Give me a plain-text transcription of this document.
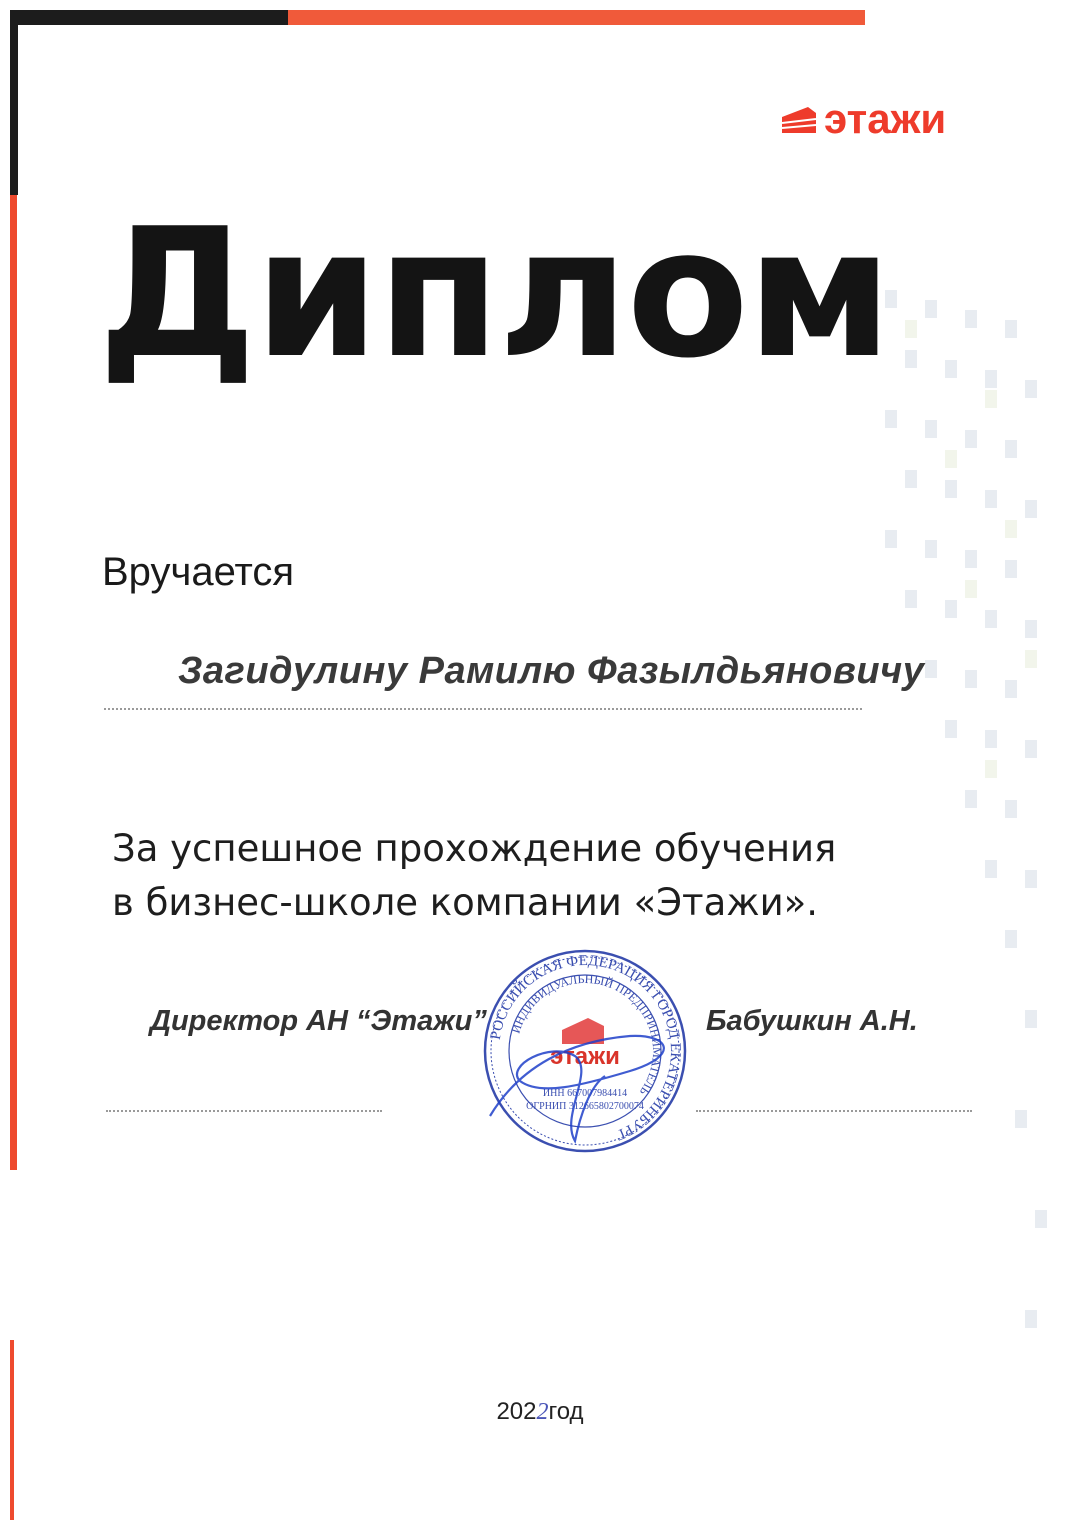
этажи
Диплом
Вручается
Загидулину Рамилю Фазылдьяновичу
За успешное прохождение обучения
в бизнес-школе компании «Этажи».
Директор АН “Этажи”	Бабушкин А.Н.
РОССИЙСКАЯ ФЕДЕРАЦИЯ ГОРОД ЕКАТЕРИНБУРГ
ИНДИВИДУАЛЬНЫЙ ПРЕДПРИНИМАТЕЛЬ
этажи
ИНН 667007984414
ОГРНИП 312665802700074
2022год
